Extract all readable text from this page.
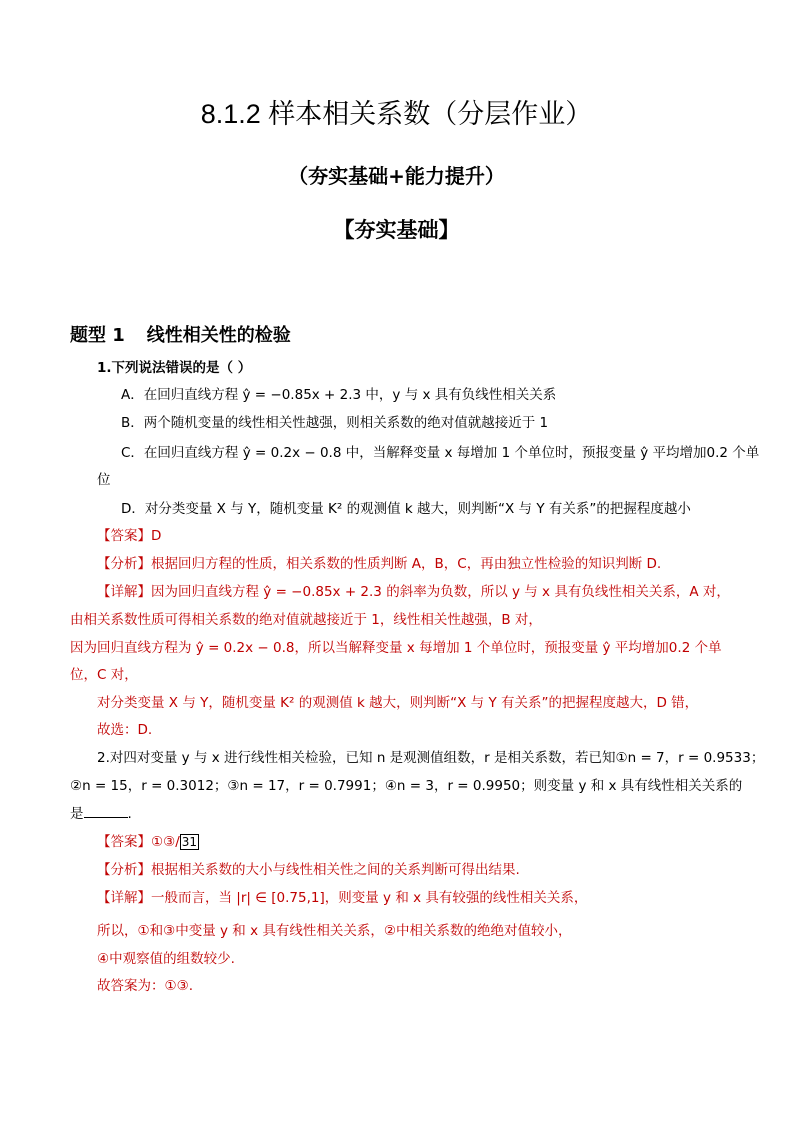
8.1.2 样本相关系数（分层作业）
（夯实基础+能力提升）
【夯实基础】
题型 1 线性相关性的检验
1.下列说法错误的是（ ）
A．在回归直线方程 ŷ = −0.85x + 2.3 中，y 与 x 具有负线性相关关系
B．两个随机变量的线性相关性越强，则相关系数的绝对值就越接近于 1
C．在回归直线方程 ŷ = 0.2x − 0.8 中，当解释变量 x 每增加 1 个单位时，预报变量 ŷ 平均增加0.2 个单
位
D．对分类变量 X 与 Y，随机变量 K² 的观测值 k 越大，则判断“X 与 Y 有关系”的把握程度越小
【答案】D
【分析】根据回归方程的性质，相关系数的性质判断 A，B，C，再由独立性检验的知识判断 D.
【详解】因为回归直线方程 ŷ = −0.85x + 2.3 的斜率为负数，所以 y 与 x 具有负线性相关关系，A 对，
由相关系数性质可得相关系数的绝对值就越接近于 1，线性相关性越强，B 对，
因为回归直线方程为 ŷ = 0.2x − 0.8，所以当解释变量 x 每增加 1 个单位时，预报变量 ŷ 平均增加0.2 个单
位，C 对，
对分类变量 X 与 Y，随机变量 K² 的观测值 k 越大，则判断“X 与 Y 有关系”的把握程度越大，D 错，
故选：D.
2.对四对变量 y 与 x 进行线性相关检验，已知 n 是观测值组数，r 是相关系数，若已知①n = 7，r = 0.9533；
②n = 15，r = 0.3012；③n = 17，r = 0.7991；④n = 3，r = 0.9950；则变量 y 和 x 具有线性相关关系的
是	.
【答案】①③/ 31
【分析】根据相关系数的大小与线性相关性之间的关系判断可得出结果.
【详解】一般而言，当 |r| ∈ [0.75,1]，则变量 y 和 x 具有较强的线性相关关系，
所以，①和③中变量 y 和 x 具有线性相关关系，②中相关系数的绝绝对值较小，
④中观察值的组数较少.
故答案为：①③.
